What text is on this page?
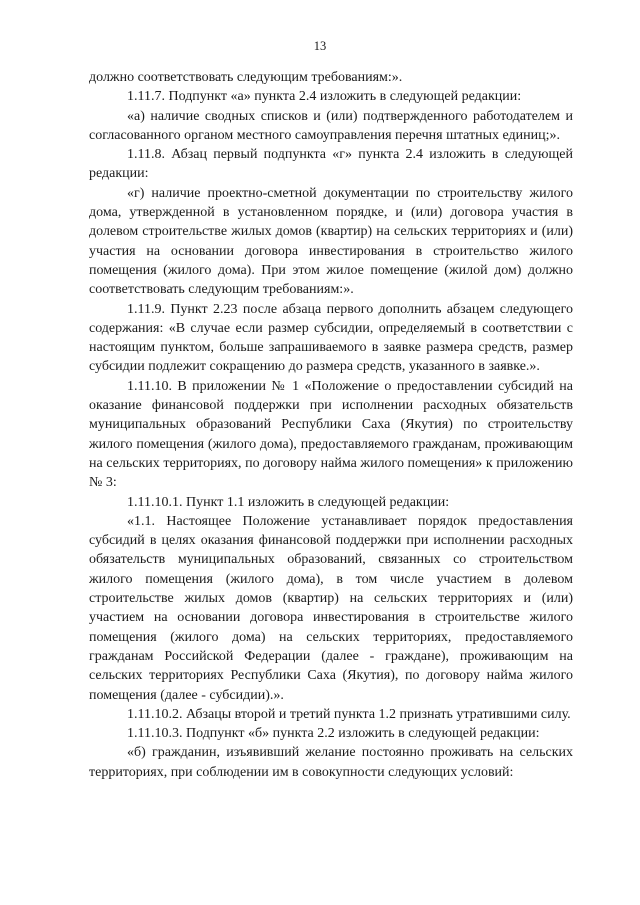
13

должно соответствовать следующим требованиям:».

1.11.7. Подпункт «а» пункта 2.4 изложить в следующей редакции:

«а) наличие сводных списков и (или) подтвержденного работодателем и согласованного органом местного самоуправления перечня штатных единиц;».

1.11.8. Абзац первый подпункта «г» пункта 2.4 изложить в следующей редакции:

«г) наличие проектно-сметной документации по строительству жилого дома, утвержденной в установленном порядке, и (или) договора участия в долевом строительстве жилых домов (квартир) на сельских территориях и (или) участия на основании договора инвестирования в строительство жилого помещения (жилого дома). При этом жилое помещение (жилой дом) должно соответствовать следующим требованиям:».

1.11.9. Пункт 2.23 после абзаца первого дополнить абзацем следующего содержания: «В случае если размер субсидии, определяемый в соответствии с настоящим пунктом, больше запрашиваемого в заявке размера средств, размер субсидии подлежит сокращению до размера средств, указанного в заявке.».

1.11.10. В приложении № 1 «Положение о предоставлении субсидий на оказание финансовой поддержки при исполнении расходных обязательств муниципальных образований Республики Саха (Якутия) по строительству жилого помещения (жилого дома), предоставляемого гражданам, проживающим на сельских территориях, по договору найма жилого помещения» к приложению № 3:

1.11.10.1. Пункт 1.1 изложить в следующей редакции:

«1.1. Настоящее Положение устанавливает порядок предоставления субсидий в целях оказания финансовой поддержки при исполнении расходных обязательств муниципальных образований, связанных со строительством жилого помещения (жилого дома), в том числе участием в долевом строительстве жилых домов (квартир) на сельских территориях и (или) участием на основании договора инвестирования в строительстве жилого помещения (жилого дома) на сельских территориях, предоставляемого гражданам Российской Федерации (далее - граждане), проживающим на сельских территориях Республики Саха (Якутия), по договору найма жилого помещения (далее - субсидии).».

1.11.10.2. Абзацы второй и третий пункта 1.2 признать утратившими силу.

1.11.10.3. Подпункт «б» пункта 2.2 изложить в следующей редакции:

«б) гражданин, изъявивший желание постоянно проживать на сельских территориях, при соблюдении им в совокупности следующих условий:
